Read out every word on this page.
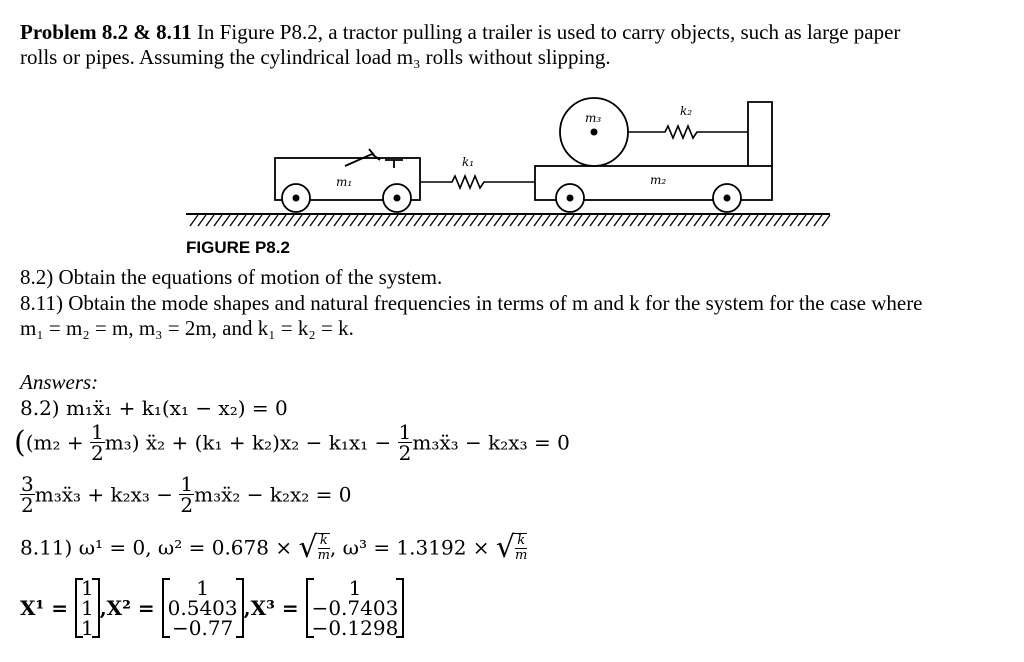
Problem 8.2 & 8.11 In Figure P8.2, a tractor pulling a trailer is used to carry objects, such as large paper
rolls or pipes. Assuming the cylindrical load m₃ rolls without slipping.
m₁
k₁
m₂
m₃	k₂
FIGURE P8.2
8.2) Obtain the equations of motion of the system.
8.11) Obtain the mode shapes and natural frequencies in terms of m and k for the system for the case where
m₁ = m₂ = m, m₃ = 2m, and k₁ = k₂ = k.
Answers:
8.2) m₁ẍ₁ + k₁(x₁ − x₂) = 0
($(m_2 + \frac{1}{2} m_3)$ ẍ₂ + $(k_1 + k_2)x_2 - k_1x_1 - \frac{1}{2}$ m₃ẍ₃ − k₂x₃ = 0
$\frac{3}{2}$ m₃ẍ₃ + $k_2x_3 - \frac{1}{2}$ m₃ẍ₂ − k₂x₂ = 0
8.11) ω¹ = 0, ω² = 0.678 × √ $\frac{k}{m}$ , ω³ = 1.3192 × √ $\frac{k}{m}$
X¹ =
1
1
1
,X² =
1
0.5403
−0.77
,X³ =
1
−0.7403
−0.1298
